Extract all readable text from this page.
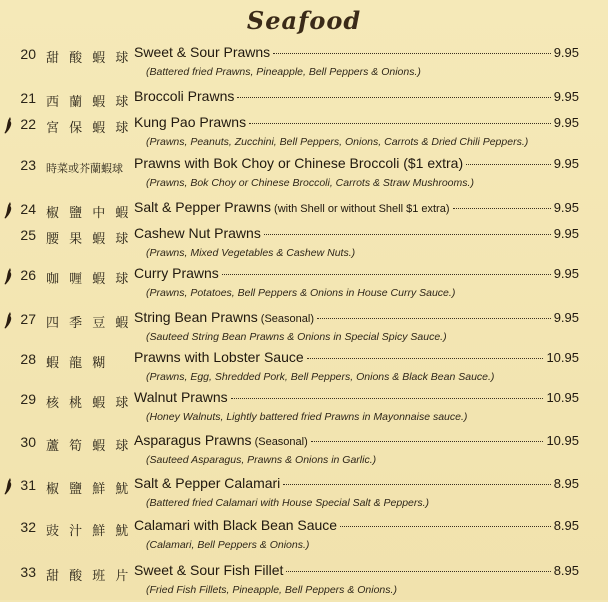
Seafood
20 甜 酸 蝦 球 Sweet & Sour Prawns	9.95
(Battered fried Prawns, Pineapple, Bell Peppers & Onions.)
21 西 蘭 蝦 球 Broccoli Prawns	9.95
22 宮 保 蝦 球 Kung Pao Prawns	9.95
(Prawns, Peanuts, Zucchini, Bell Peppers, Onions, Carrots & Dried Chili Peppers.)
23 時菜或芥蘭蝦球 Prawns with Bok Choy or Chinese Broccoli ($1 extra)	9.95
(Prawns, Bok Choy or Chinese Broccoli, Carrots & Straw Mushrooms.)
24 椒 鹽 中 蝦 Salt & Pepper Prawns (with Shell or without Shell $1 extra)	9.95
25 腰 果 蝦 球 Cashew Nut Prawns	9.95
(Prawns, Mixed Vegetables & Cashew Nuts.)
26 咖 喱 蝦 球 Curry Prawns	9.95
(Prawns, Potatoes, Bell Peppers & Onions in House Curry Sauce.)
27 四 季 豆 蝦 String Bean Prawns (Seasonal)	9.95
(Sauteed String Bean Prawns & Onions in Special Spicy Sauce.)
28 蝦 龍 糊 Prawns with Lobster Sauce	10.95
(Prawns, Egg, Shredded Pork, Bell Peppers, Onions & Black Bean Sauce.)
29 核 桃 蝦 球 Walnut Prawns	10.95
(Honey Walnuts, Lightly battered fried Prawns in Mayonnaise sauce.)
30 蘆 筍 蝦 球 Asparagus Prawns (Seasonal)	10.95
(Sauteed Asparagus, Prawns & Onions in Garlic.)
31 椒 鹽 鮮 魷 Salt & Pepper Calamari	8.95
(Battered fried Calamari with House Special Salt & Peppers.)
32 豉 汁 鮮 魷 Calamari with Black Bean Sauce	8.95
(Calamari, Bell Peppers & Onions.)
33 甜 酸 班 片 Sweet & Sour Fish Fillet	8.95
(Fried Fish Fillets, Pineapple, Bell Peppers & Onions.)
